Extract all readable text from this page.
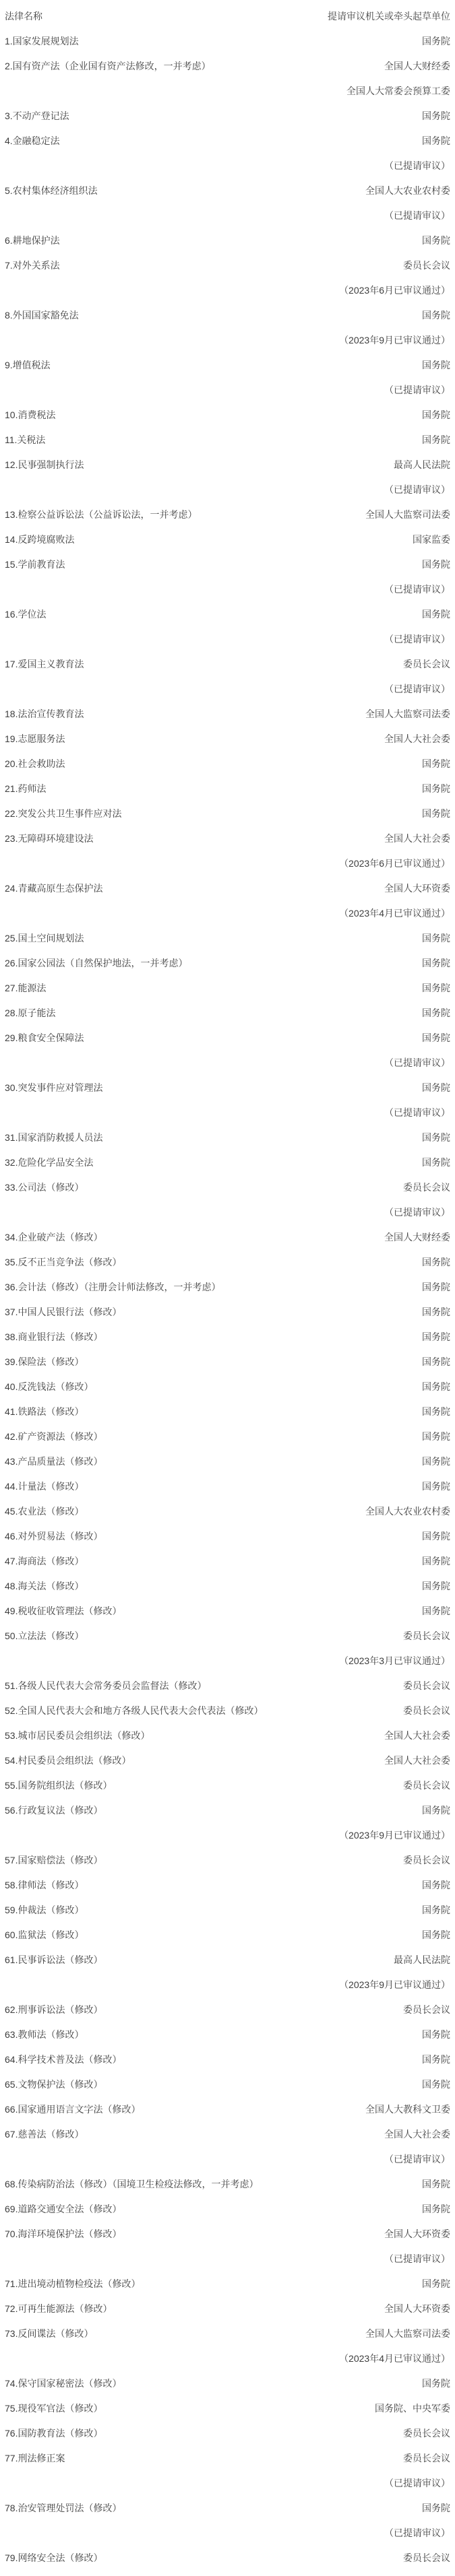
法律名称	提请审议机关或牵头起草单位
1.国家发展规划法	国务院
2.国有资产法（企业国有资产法修改，一并考虑）	全国人大财经委
全国人大常委会预算工委
3.不动产登记法	国务院
4.金融稳定法	国务院
（已提请审议）
5.农村集体经济组织法	全国人大农业农村委
（已提请审议）
6.耕地保护法	国务院
7.对外关系法	委员长会议
（2023年6月已审议通过）
8.外国国家豁免法	国务院
（2023年9月已审议通过）
9.增值税法	国务院
（已提请审议）
10.消费税法	国务院
11.关税法	国务院
12.民事强制执行法	最高人民法院
（已提请审议）
13.检察公益诉讼法（公益诉讼法，一并考虑）	全国人大监察司法委
14.反跨境腐败法	国家监委
15.学前教育法	国务院
（已提请审议）
16.学位法	国务院
（已提请审议）
17.爱国主义教育法	委员长会议
（已提请审议）
18.法治宣传教育法	全国人大监察司法委
19.志愿服务法	全国人大社会委
20.社会救助法	国务院
21.药师法	国务院
22.突发公共卫生事件应对法	国务院
23.无障碍环境建设法	全国人大社会委
（2023年6月已审议通过）
24.青藏高原生态保护法	全国人大环资委
（2023年4月已审议通过）
25.国土空间规划法	国务院
26.国家公园法（自然保护地法，一并考虑）	国务院
27.能源法	国务院
28.原子能法	国务院
29.粮食安全保障法	国务院
（已提请审议）
30.突发事件应对管理法	国务院
（已提请审议）
31.国家消防救援人员法	国务院
32.危险化学品安全法	国务院
33.公司法（修改）	委员长会议
（已提请审议）
34.企业破产法（修改）	全国人大财经委
35.反不正当竞争法（修改）	国务院
36.会计法（修改）（注册会计师法修改，一并考虑）	国务院
37.中国人民银行法（修改）	国务院
38.商业银行法（修改）	国务院
39.保险法（修改）	国务院
40.反洗钱法（修改）	国务院
41.铁路法（修改）	国务院
42.矿产资源法（修改）	国务院
43.产品质量法（修改）	国务院
44.计量法（修改）	国务院
45.农业法（修改）	全国人大农业农村委
46.对外贸易法（修改）	国务院
47.海商法（修改）	国务院
48.海关法（修改）	国务院
49.税收征收管理法（修改）	国务院
50.立法法（修改）	委员长会议
（2023年3月已审议通过）
51.各级人民代表大会常务委员会监督法（修改）	委员长会议
52.全国人民代表大会和地方各级人民代表大会代表法（修改）	委员长会议
53.城市居民委员会组织法（修改）	全国人大社会委
54.村民委员会组织法（修改）	全国人大社会委
55.国务院组织法（修改）	委员长会议
56.行政复议法（修改）	国务院
（2023年9月已审议通过）
57.国家赔偿法（修改）	委员长会议
58.律师法（修改）	国务院
59.仲裁法（修改）	国务院
60.监狱法（修改）	国务院
61.民事诉讼法（修改）	最高人民法院
（2023年9月已审议通过）
62.刑事诉讼法（修改）	委员长会议
63.教师法（修改）	国务院
64.科学技术普及法（修改）	国务院
65.文物保护法（修改）	国务院
66.国家通用语言文字法（修改）	全国人大教科文卫委
67.慈善法（修改）	全国人大社会委
（已提请审议）
68.传染病防治法（修改）（国境卫生检疫法修改，一并考虑）	国务院
69.道路交通安全法（修改）	国务院
70.海洋环境保护法（修改）	全国人大环资委
（已提请审议）
71.进出境动植物检疫法（修改）	国务院
72.可再生能源法（修改）	全国人大环资委
73.反间谍法（修改）	全国人大监察司法委
（2023年4月已审议通过）
74.保守国家秘密法（修改）	国务院
75.现役军官法（修改）	国务院、中央军委
76.国防教育法（修改）	委员长会议
77.刑法修正案	委员长会议
（已提请审议）
78.治安管理处罚法（修改）	国务院
（已提请审议）
79.网络安全法（修改）	委员长会议
